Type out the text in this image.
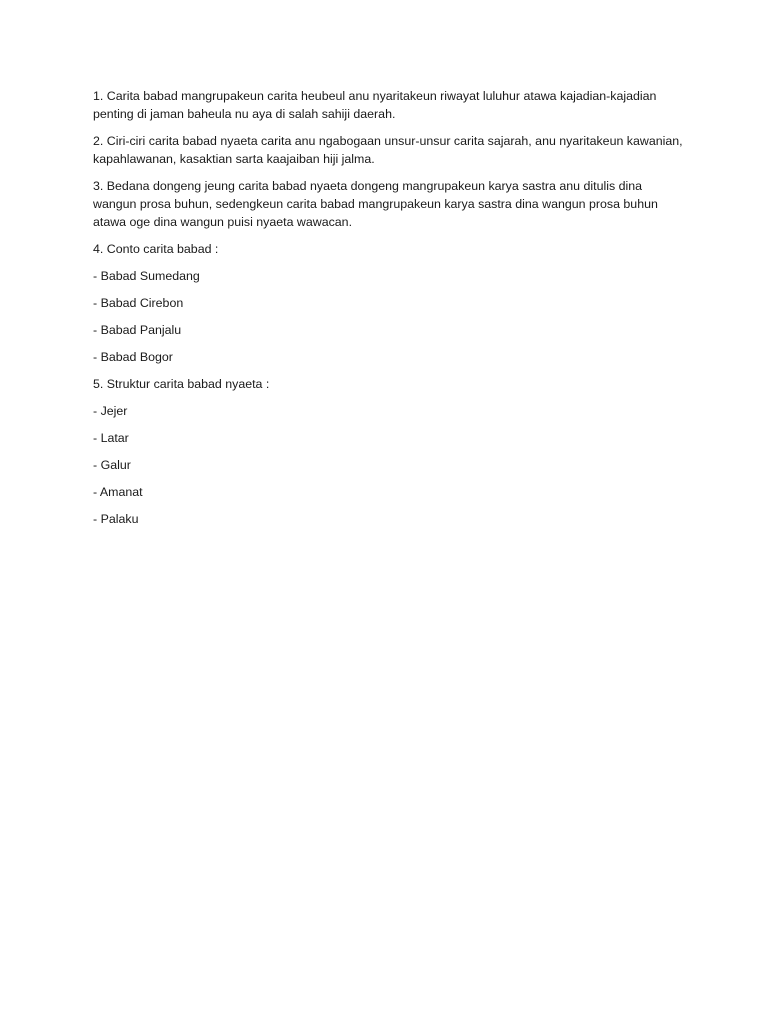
1. Carita babad mangrupakeun carita heubeul anu nyaritakeun riwayat luluhur atawa kajadian-kajadian penting di jaman baheula nu aya di salah sahiji daerah.

2. Ciri-ciri carita babad nyaeta carita anu ngabogaan unsur-unsur carita sajarah, anu nyaritakeun kawanian, kapahlawanan, kasaktian sarta kaajaiban hiji jalma.

3. Bedana dongeng jeung carita babad nyaeta dongeng mangrupakeun karya sastra anu ditulis dina wangun prosa buhun, sedengkeun carita babad mangrupakeun karya sastra dina wangun prosa buhun atawa oge dina wangun puisi nyaeta wawacan.

4. Conto carita babad :

- Babad Sumedang

- Babad Cirebon

- Babad Panjalu

- Babad Bogor

5. Struktur carita babad nyaeta :

- Jejer

- Latar

- Galur

- Amanat

- Palaku
